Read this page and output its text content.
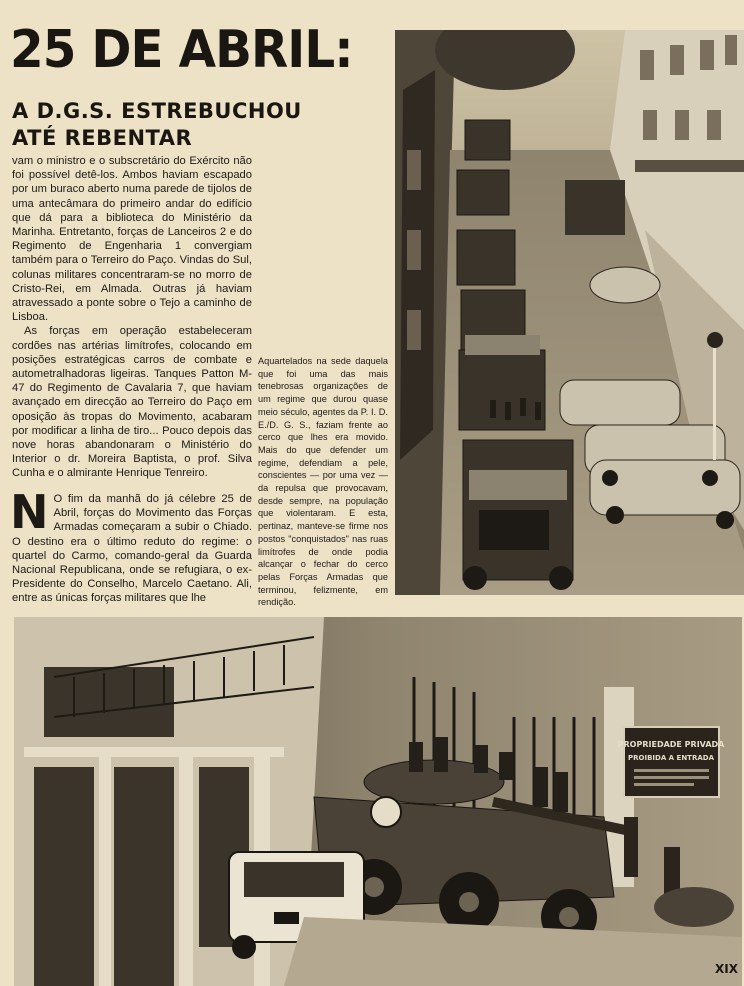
25 DE ABRIL:
A D.G.S. ESTREBUCHOU
ATÉ REBENTAR

vam o ministro e o subscretário do Exército não foi possível detê-los. Ambos haviam escapado por um buraco aberto numa parede de tijolos de uma antecâmara do primeiro andar do edifício que dá para a biblioteca do Ministério da Marinha. Entretanto, forças de Lanceiros 2 e do Regimento de Engenharia 1 convergiam também para o Terreiro do Paço. Vindas do Sul, colunas militares concentraram-se no morro de Cristo-Rei, em Almada. Outras já haviam atravessado a ponte sobre o Tejo a caminho de Lisboa.

As forças em operação estabeleceram cordões nas artérias limítrofes, colocando em posições estratégicas carros de combate e autometralhadoras ligeiras. Tanques Patton M-47 do Regimento de Cavalaria 7, que haviam avançado em direcção ao Terreiro do Paço em oposição às tropas do Movimento, acabaram por modificar a linha de tiro... Pouco depois das nove horas abandonaram o Ministério do Interior o dr. Moreira Baptista, o prof. Silva Cunha e o almirante Henrique Tenreiro.

N O fim da manhã do já célebre 25 de Abril, forças do Movimento das Forças Armadas começaram a subir o Chiado. O destino era o último reduto do regime: o quartel do Carmo, comando-geral da Guarda Nacional Republicana, onde se refugiara, o ex-Presidente do Conselho, Marcelo Caetano. Ali, entre as únicas forças militares que lhe

Aquartelados na sede daquela que foi uma das mais tenebrosas organizações de um regime que durou quase meio século, agentes da P. I. D. E./D. G. S., faziam frente ao cerco que lhes era movido. Mais do que defender um regime, defendiam a pele, conscientes — por uma vez — da repulsa que provocavam, desde sempre, na população que violentaram. E esta, pertinaz, manteve-se firme nos postos "conquistados" nas ruas limítrofes de onde podia alcançar o fechar do cerco pelas Forças Armadas que terminou, felizmente, em rendição.

PROPRIEDADE PRIVADA
PROIBIDA A ENTRADA
XIX
